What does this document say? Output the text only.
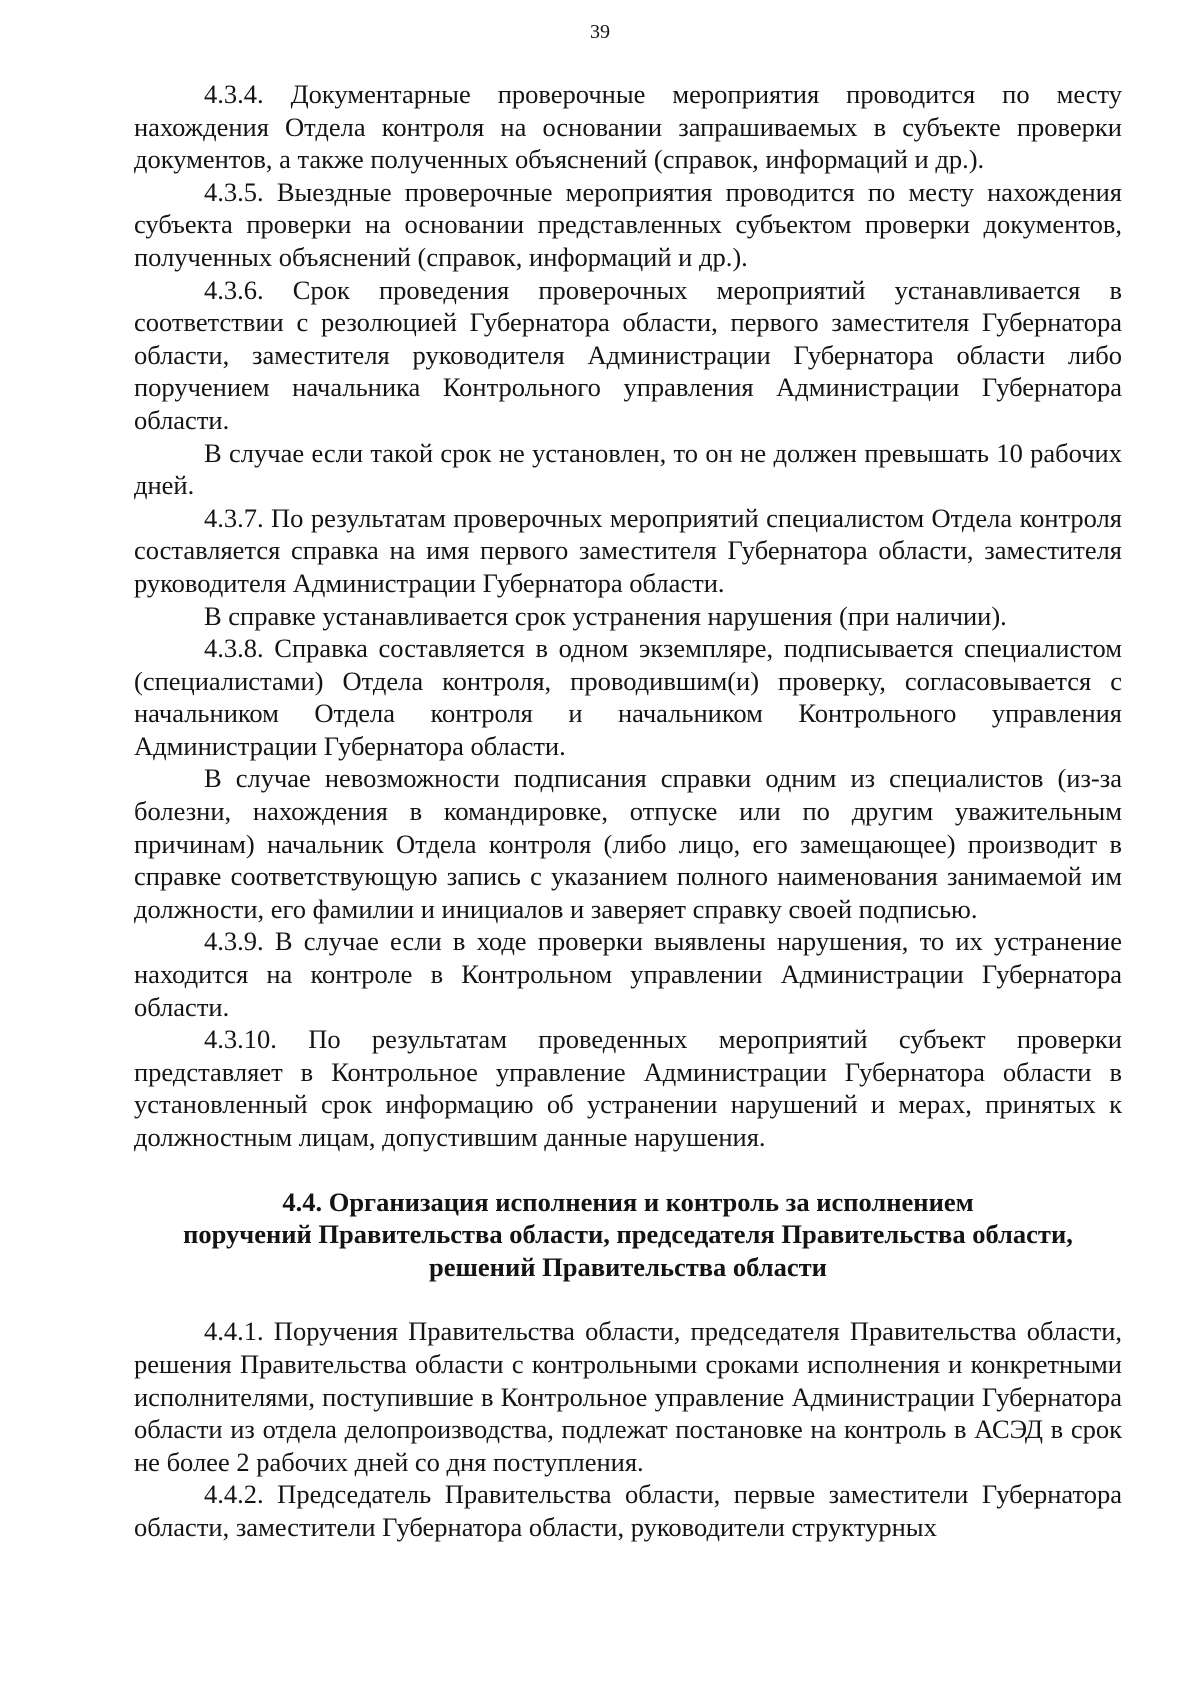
39

4.3.4. Документарные проверочные мероприятия проводится по месту нахождения Отдела контроля на основании запрашиваемых в субъекте проверки документов, а также полученных объяснений (справок, информаций и др.).

4.3.5. Выездные проверочные мероприятия проводится по месту нахождения субъекта проверки на основании представленных субъектом проверки документов, полученных объяснений (справок, информаций и др.).

4.3.6. Срок проведения проверочных мероприятий устанавливается в соответствии с резолюцией Губернатора области, первого заместителя Губернатора области, заместителя руководителя Администрации Губернатора области либо поручением начальника Контрольного управления Администрации Губернатора области.

В случае если такой срок не установлен, то он не должен превышать 10 рабочих дней.

4.3.7. По результатам проверочных мероприятий специалистом Отдела контроля составляется справка на имя первого заместителя Губернатора области, заместителя руководителя Администрации Губернатора области.

В справке устанавливается срок устранения нарушения (при наличии).

4.3.8. Справка составляется в одном экземпляре, подписывается специалистом (специалистами) Отдела контроля, проводившим(и) проверку, согласовывается с начальником Отдела контроля и начальником Контрольного управления Администрации Губернатора области.

В случае невозможности подписания справки одним из специалистов (из-за болезни, нахождения в командировке, отпуске или по другим уважительным причинам) начальник Отдела контроля (либо лицо, его замещающее) производит в справке соответствующую запись с указанием полного наименования занимаемой им должности, его фамилии и инициалов и заверяет справку своей подписью.

4.3.9. В случае если в ходе проверки выявлены нарушения, то их устранение находится на контроле в Контрольном управлении Администрации Губернатора области.

4.3.10. По результатам проведенных мероприятий субъект проверки представляет в Контрольное управление Администрации Губернатора области в установленный срок информацию об устранении нарушений и мерах, принятых к должностным лицам, допустившим данные нарушения.

4.4. Организация исполнения и контроль за исполнением
поручений Правительства области, председателя Правительства области,
решений Правительства области

4.4.1. Поручения Правительства области, председателя Правительства области, решения Правительства области с контрольными сроками исполнения и конкретными исполнителями, поступившие в Контрольное управление Администрации Губернатора области из отдела делопроизводства, подлежат постановке на контроль в АСЭД в срок не более 2 рабочих дней со дня поступления.

4.4.2. Председатель Правительства области, первые заместители Губернатора области, заместители Губернатора области, руководители структурных
